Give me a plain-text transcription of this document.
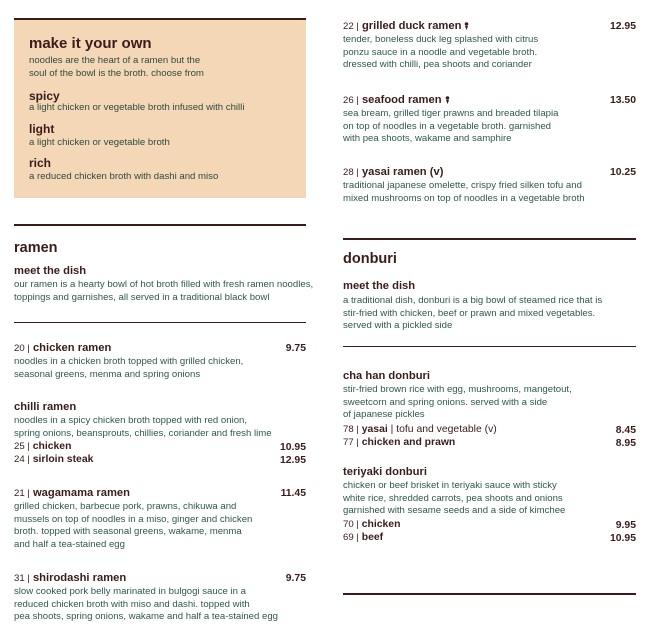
make it your own
noodles are the heart of a ramen but the
soul of the bowl is the broth. choose from
spicy
a light chicken or vegetable broth infused with chilli
light
a light chicken or vegetable broth
rich
a reduced chicken broth with dashi and miso
ramen
meet the dish
our ramen is a hearty bowl of hot broth filled with fresh ramen noodles,
toppings and garnishes, all served in a traditional black bowl
20 | chicken ramen	9.75
noodles in a chicken broth topped with grilled chicken,
seasonal greens, menma and spring onions
chilli ramen
noodles in a spicy chicken broth topped with red onion,
spring onions, beansprouts, chillies, coriander and fresh lime
25 | chicken	10.95
24 | sirloin steak	12.95
21 | wagamama ramen	11.45
grilled chicken, barbecue pork, prawns, chikuwa and
mussels on top of noodles in a miso, ginger and chicken
broth. topped with seasonal greens, wakame, menma
and half a tea-stained egg
31 | shirodashi ramen	9.75
slow cooked pork belly marinated in bulgogi sauce in a
reduced chicken broth with miso and dashi. topped with
pea shoots, spring onions, wakame and half a tea-stained egg
22 | grilled duck ramen	12.95
tender, boneless duck leg splashed with citrus
ponzu sauce in a noodle and vegetable broth.
dressed with chilli, pea shoots and coriander
26 | seafood ramen	13.50
sea bream, grilled tiger prawns and breaded tilapia
on top of noodles in a vegetable broth. garnished
with pea shoots, wakame and samphire
28 | yasai ramen (v)	10.25
traditional japanese omelette, crispy fried silken tofu and
mixed mushrooms on top of noodles in a vegetable broth
donburi
meet the dish
a traditional dish, donburi is a big bowl of steamed rice that is
stir-fried with chicken, beef or prawn and mixed vegetables.
served with a pickled side
cha han donburi
stir-fried brown rice with egg, mushrooms, mangetout,
sweetcorn and spring onions. served with a side
of japanese pickles
78 | yasai | tofu and vegetable (v)	8.45
77 | chicken and prawn	8.95
teriyaki donburi
chicken or beef brisket in teriyaki sauce with sticky
white rice, shredded carrots, pea shoots and onions
garnished with sesame seeds and a side of kimchee
70 | chicken	9.95
69 | beef	10.95
